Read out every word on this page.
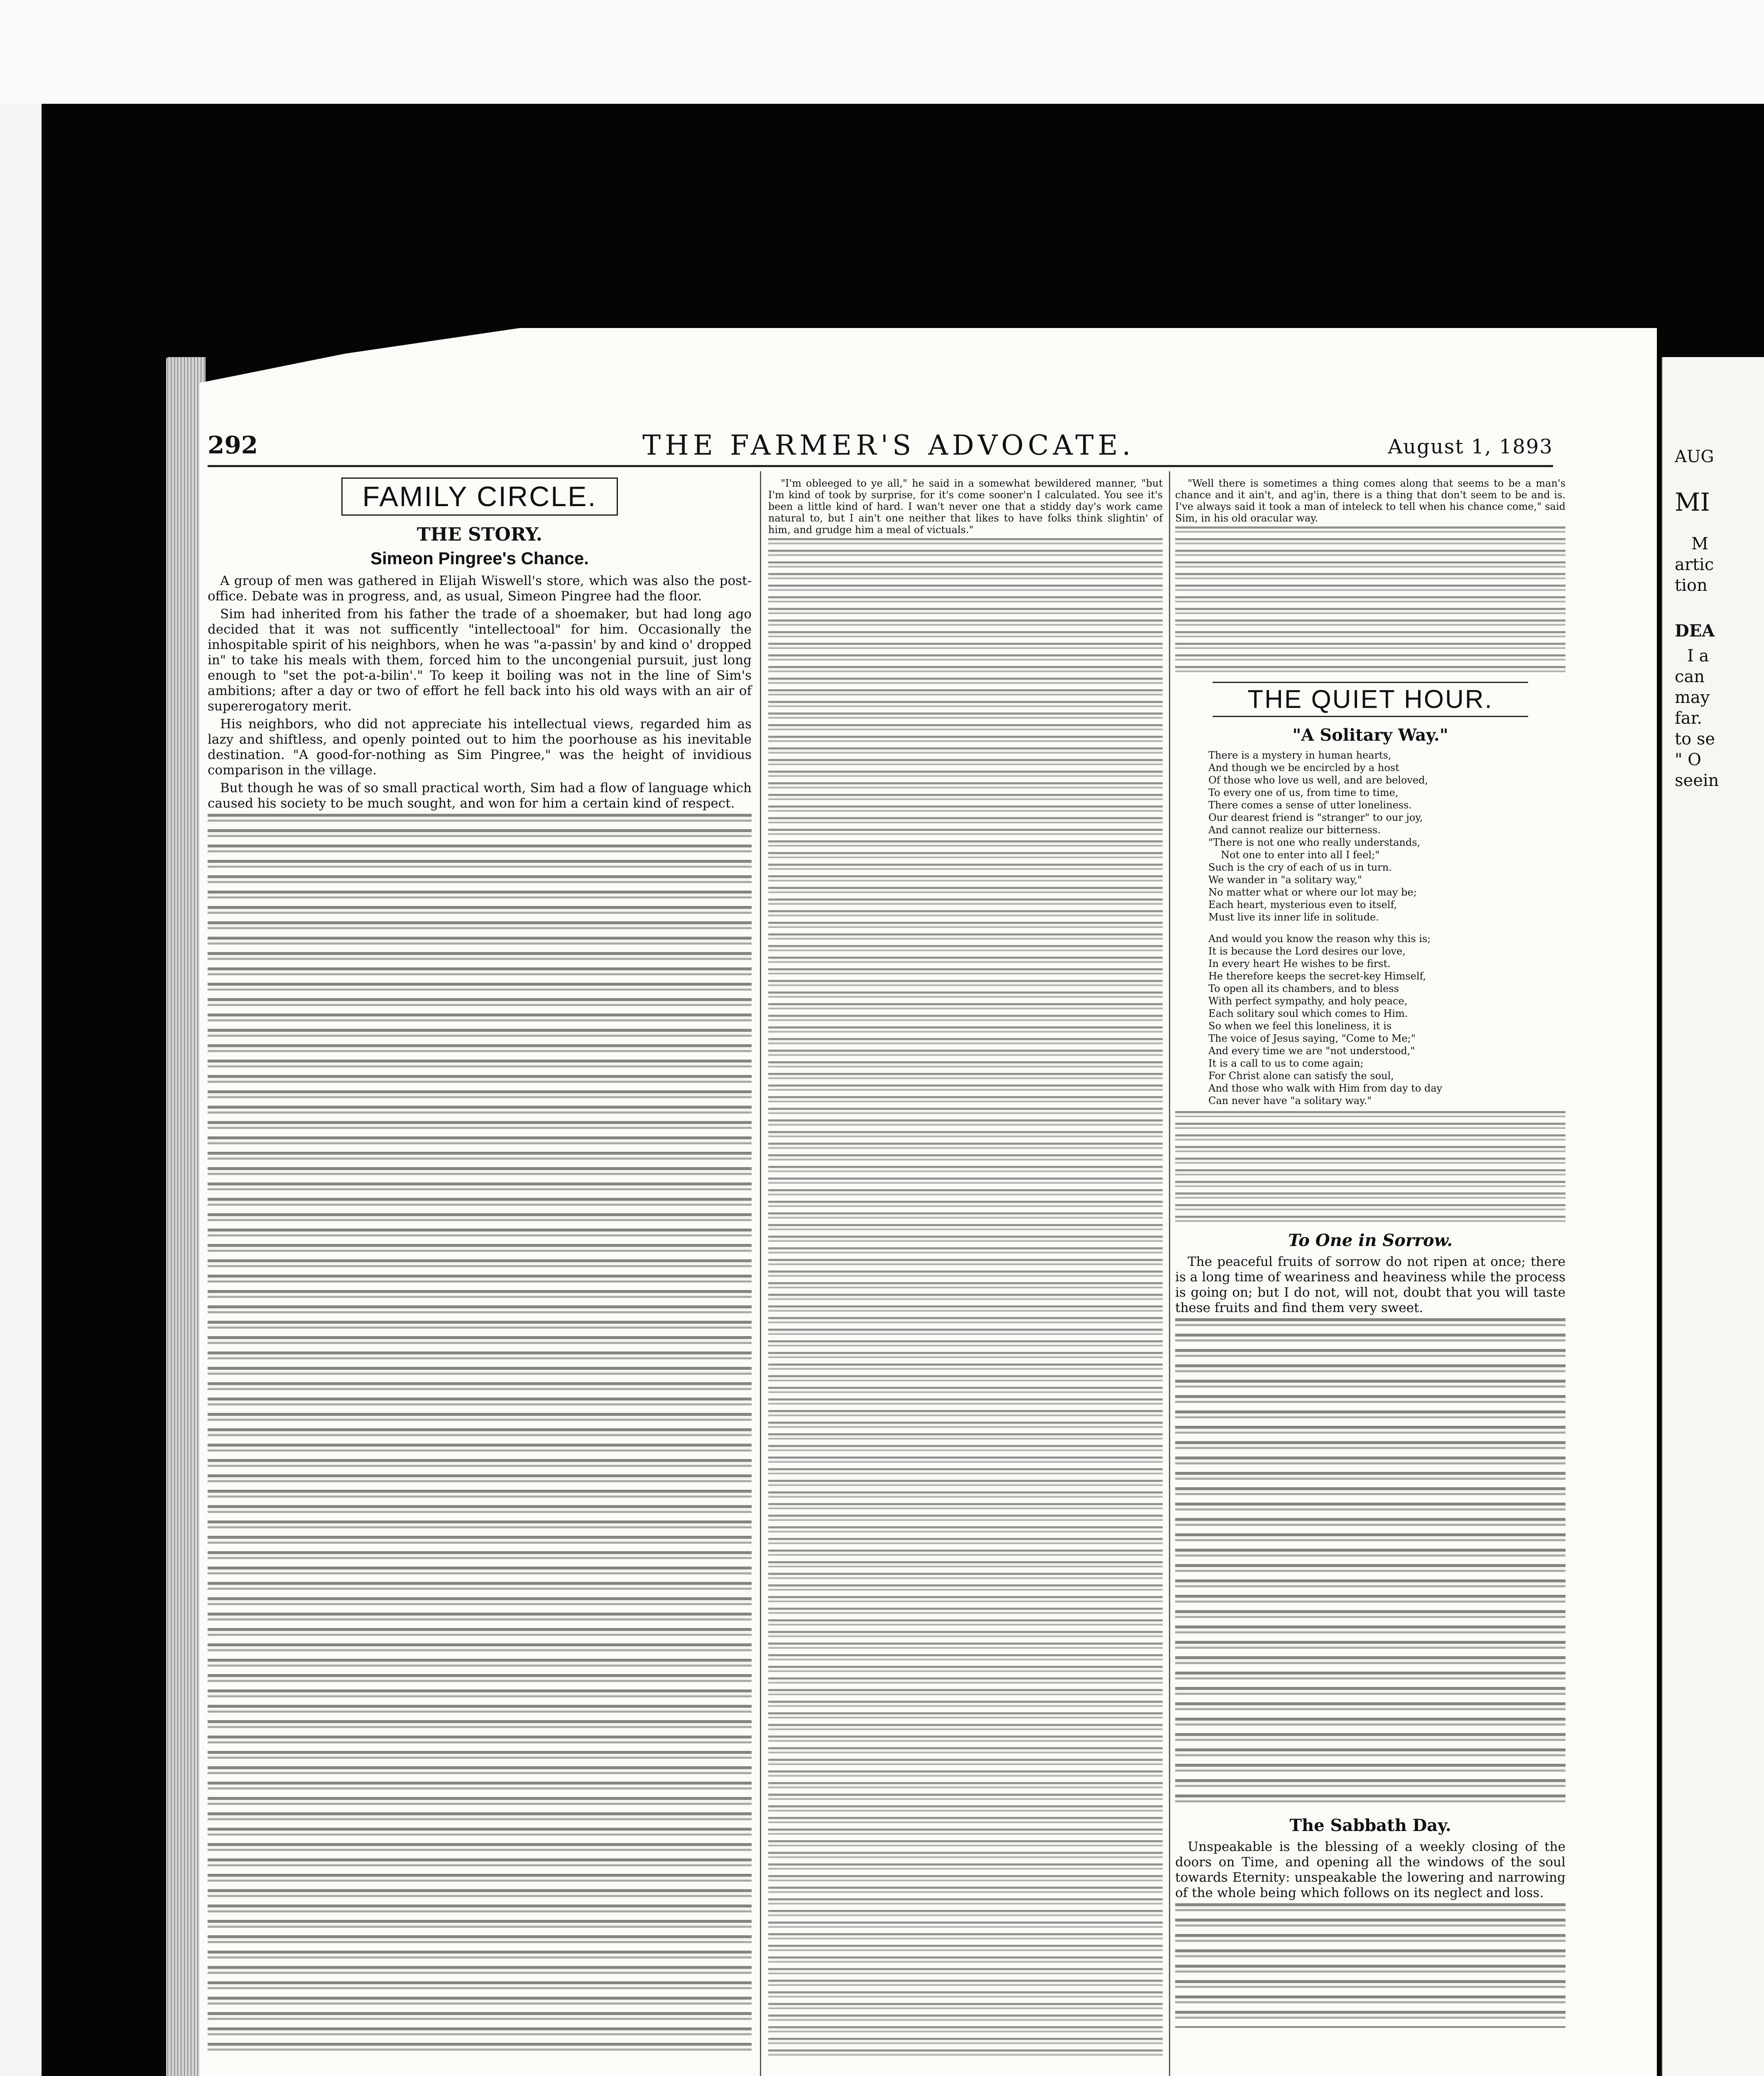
AUG
MI
M
artic
tion
DEA
I a
can
may
far.
to se
" O
seein
292	THE FARMER'S ADVOCATE.	August 1, 1893
FAMILY CIRCLE.
THE STORY.
Simeon Pingree's Chance.

A group of men was gathered in Elijah Wiswell's store, which was also the post-office. Debate was in progress, and, as usual, Simeon Pingree had the floor.

Sim had inherited from his father the trade of a shoemaker, but had long ago decided that it was not sufficently "intellectooal" for him. Occasionally the inhospitable spirit of his neighbors, when he was "a-passin' by and kind o' dropped in" to take his meals with them, forced him to the uncongenial pursuit, just long enough to "set the pot-a-bilin'." To keep it boiling was not in the line of Sim's ambitions; after a day or two of effort he fell back into his old ways with an air of supererogatory merit.

His neighbors, who did not appreciate his intellectual views, regarded him as lazy and shiftless, and openly pointed out to him the poorhouse as his inevitable destination. "A good-for-nothing as Sim Pingree," was the height of invidious comparison in the village.

But though he was of so small practical worth, Sim had a flow of language which caused his society to be much sought, and won for him a certain kind of respect.

"I'm obleeged to ye all," he said in a somewhat bewildered manner, "but I'm kind of took by surprise, for it's come sooner'n I calculated. You see it's been a little kind of hard. I wan't never one that a stiddy day's work came natural to, but I ain't one neither that likes to have folks think slightin' of him, and grudge him a meal of victuals."

"Well there is sometimes a thing comes along that seems to be a man's chance and it ain't, and ag'in, there is a thing that don't seem to be and is. I've always said it took a man of inteleck to tell when his chance come," said Sim, in his old oracular way.

THE QUIET HOUR.
"A Solitary Way."
There is a mystery in human hearts,
And though we be encircled by a host
Of those who love us well, and are beloved,
To every one of us, from time to time,
There comes a sense of utter loneliness.
Our dearest friend is "stranger" to our joy,
And cannot realize our bitterness.
"There is not one who really understands,
Not one to enter into all I feel;"
Such is the cry of each of us in turn.
We wander in "a solitary way,"
No matter what or where our lot may be;
Each heart, mysterious even to itself,
Must live its inner life in solitude.
And would you know the reason why this is;
It is because the Lord desires our love,
In every heart He wishes to be first.
He therefore keeps the secret-key Himself,
To open all its chambers, and to bless
With perfect sympathy, and holy peace,
Each solitary soul which comes to Him.
So when we feel this loneliness, it is
The voice of Jesus saying, "Come to Me;"
And every time we are "not understood,"
It is a call to us to come again;
For Christ alone can satisfy the soul,
And those who walk with Him from day to day
Can never have "a solitary way."
To One in Sorrow.

The peaceful fruits of sorrow do not ripen at once; there is a long time of weariness and heaviness while the process is going on; but I do not, will not, doubt that you will taste these fruits and find them very sweet.

The Sabbath Day.

Unspeakable is the blessing of a weekly closing of the doors on Time, and opening all the windows of the soul towards Eternity: unspeakable the lowering and narrowing of the whole being which follows on its neglect and loss.
